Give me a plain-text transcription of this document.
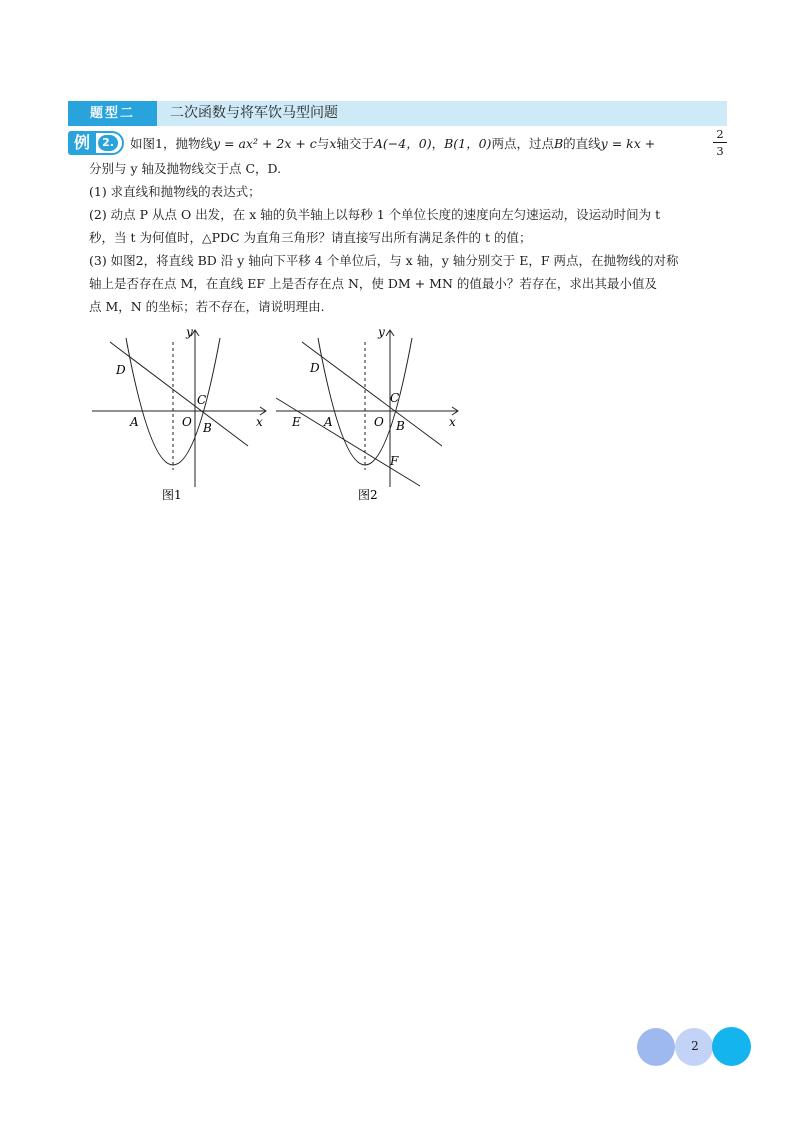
题型二	二次函数与将军饮马型问题
例	2.	如图1，抛物线y = ax² + 2x + c与x轴交于A(−4，0)，B(1，0)两点，过点B的直线y = kx +
2
3
分别与 y 轴及抛物线交于点 C，D.
(1) 求直线和抛物线的表达式；
(2) 动点 P 从点 O 出发，在 x 轴的负半轴上以每秒 1 个单位长度的速度向左匀速运动，设运动时间为 t
秒，当 t 为何值时，△PDC 为直角三角形？请直接写出所有满足条件的 t 的值；
(3) 如图2，将直线 BD 沿 y 轴向下平移 4 个单位后，与 x 轴，y 轴分别交于 E，F 两点，在抛物线的对称
轴上是否存在点 M，在直线 EF 上是否存在点 N，使 DM + MN 的值最小？若存在，求出其最小值及
点 M，N 的坐标；若不存在，请说明理由.
y
x
D
A	O
C
B
图1
y
x
D
E A	O
C
B
F
图2
2
